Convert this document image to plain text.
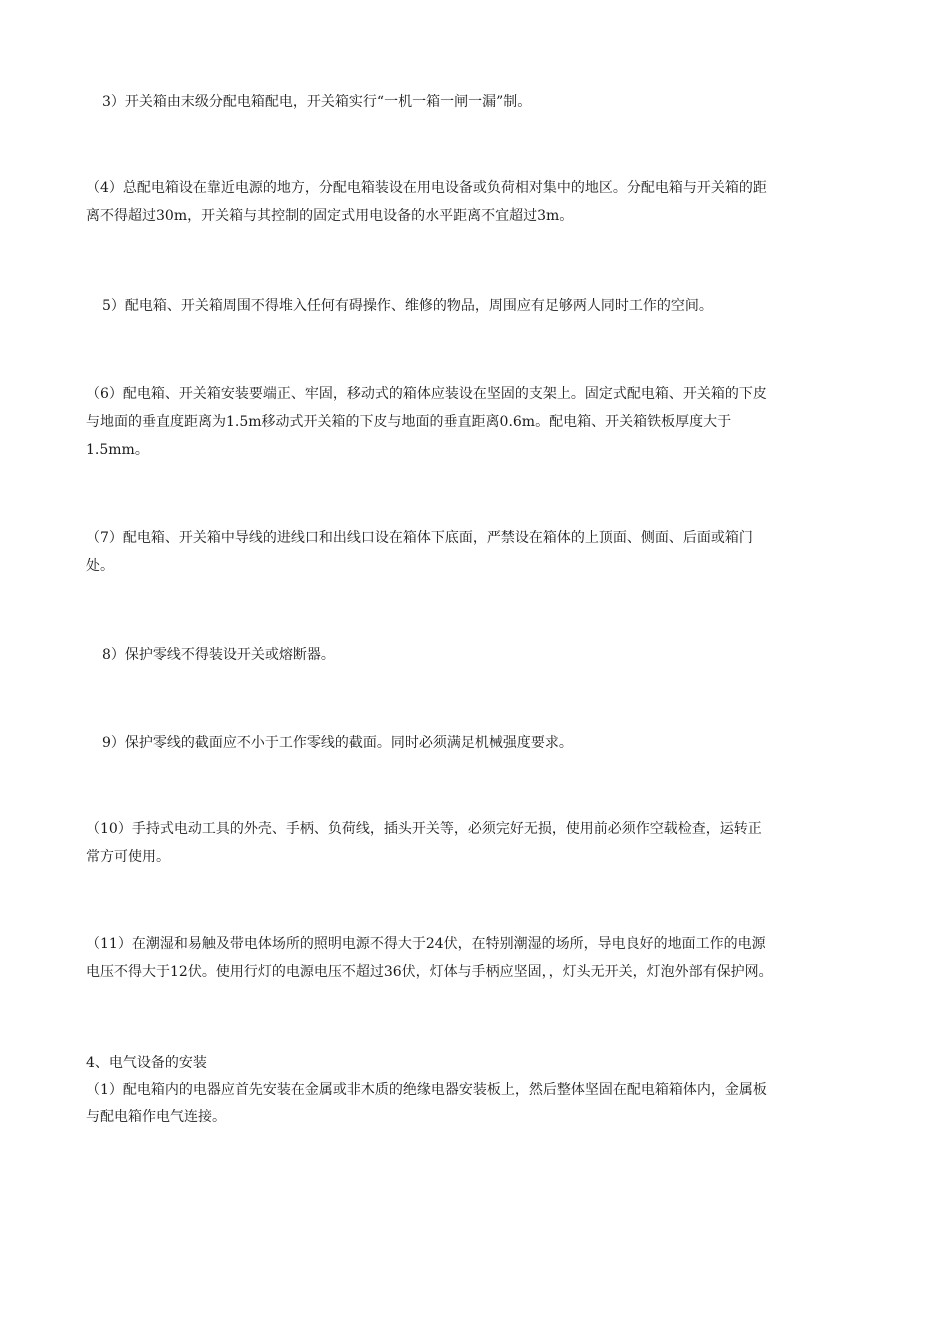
3）开关箱由末级分配电箱配电，开关箱实行“一机一箱一闸一漏”制。
（4）总配电箱设在靠近电源的地方，分配电箱装设在用电设备或负荷相对集中的地区。分配电箱与开关箱的距
离不得超过30m，开关箱与其控制的固定式用电设备的水平距离不宜超过3m。
5）配电箱、开关箱周围不得堆入任何有碍操作、维修的物品，周围应有足够两人同时工作的空间。
（6）配电箱、开关箱安装要端正、牢固，移动式的箱体应装设在坚固的支架上。固定式配电箱、开关箱的下皮
与地面的垂直度距离为1.5m移动式开关箱的下皮与地面的垂直距离0.6m。配电箱、开关箱铁板厚度大于
1.5mm。
（7）配电箱、开关箱中导线的进线口和出线口设在箱体下底面，严禁设在箱体的上顶面、侧面、后面或箱门
处。
8）保护零线不得装设开关或熔断器。
9）保护零线的截面应不小于工作零线的截面。同时必须满足机械强度要求。
（10）手持式电动工具的外壳、手柄、负荷线，插头开关等，必须完好无损，使用前必须作空载检查，运转正
常方可使用。
（11）在潮湿和易触及带电体场所的照明电源不得大于24伏，在特别潮湿的场所，导电良好的地面工作的电源
电压不得大于12伏。使用行灯的电源电压不超过36伏，灯体与手柄应坚固，，灯头无开关，灯泡外部有保护网。
4、电气设备的安装
（1）配电箱内的电器应首先安装在金属或非木质的绝缘电器安装板上，然后整体坚固在配电箱箱体内，金属板
与配电箱作电气连接。
